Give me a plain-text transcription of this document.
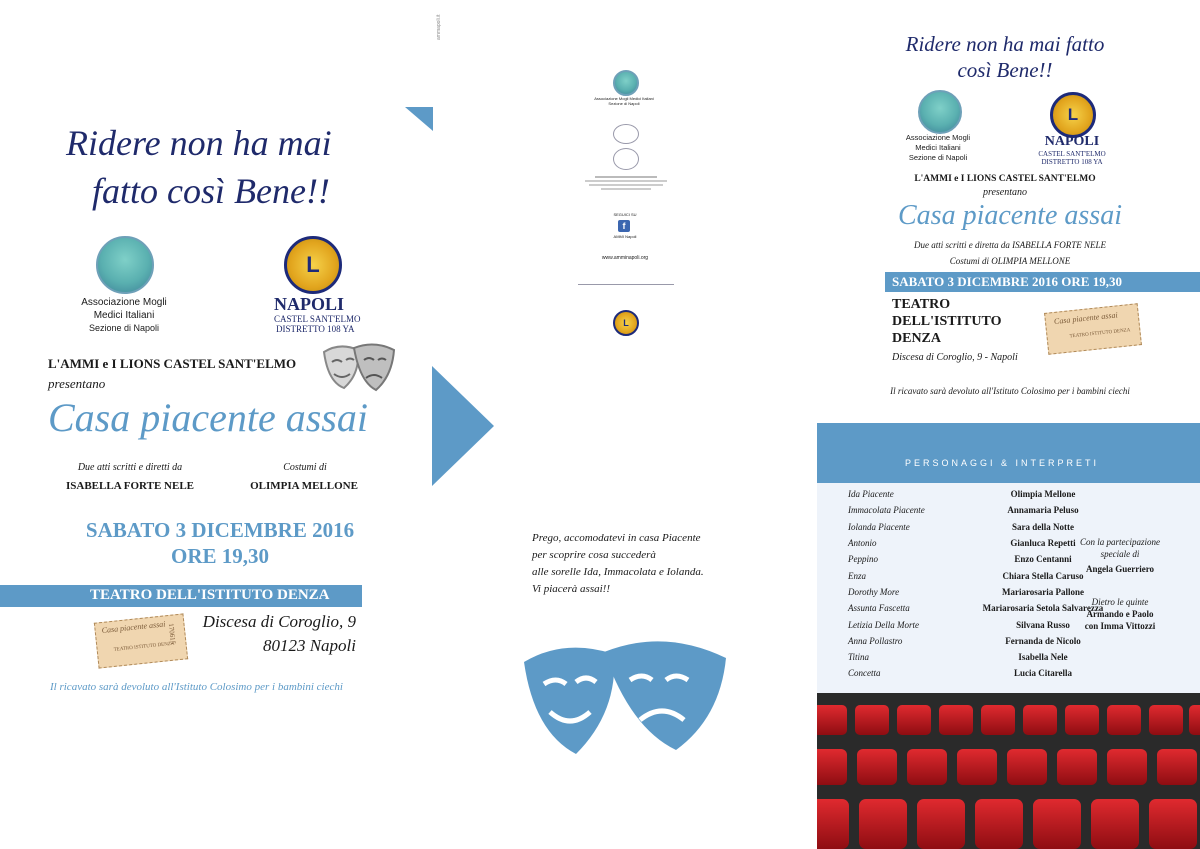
Ridere non ha mai
fatto così Bene!!
Associazione Mogli
Medici Italiani
Sezione di Napoli
L
NAPOLI
CASTEL SANT'ELMO
DISTRETTO 108 YA
L'AMMI e I LIONS CASTEL SANT'ELMO
presentano
Casa piacente assai
Due atti scritti e diretti da
ISABELLA FORTE NELE
Costumi di
OLIMPIA MELLONE
SABATO 3 DICEMBRE 2016
ORE 19,30
TEATRO DELL'ISTITUTO DENZA
Discesa di Coroglio, 9
80123 Napoli
Casa piacente assai
TEATRO ISTITUTO DENZA
170615
Il ricavato sarà devoluto all'Istituto Colosimo per i bambini ciechi
ammapoli.it
Associazione Mogli Medici Italiani
Sezione di Napoli
SEGUICI SU
f
AMMI Napoli
www.amminapoli.org
L
Prego, accomodatevi in casa Piacente
per scoprire cosa succederà
alle sorelle Ida, Immacolata e Iolanda.
Vi piacerà assai!!
Ridere non ha mai fatto
così Bene!!
Associazione Mogli
Medici Italiani
Sezione di Napoli
L
NAPOLI
CASTEL SANT'ELMO
DISTRETTO 108 YA
L'AMMI e I LIONS CASTEL SANT'ELMO
presentano
Casa piacente assai
Due atti scritti e diretta da ISABELLA FORTE NELE
Costumi di OLIMPIA MELLONE
SABATO 3 DICEMBRE 2016 ORE 19,30
TEATRO
DELL'ISTITUTO
DENZA
Discesa di Coroglio, 9 - Napoli
Casa piacente assai
TEATRO ISTITUTO DENZA
Il ricavato sarà devoluto all'Istituto Colosimo per i bambini ciechi
PERSONAGGI & INTERPRETI
Ida Piacente	Olimpia Mellone
Immacolata Piacente	Annamaria Peluso
Iolanda Piacente	Sara della Notte
Antonio	Gianluca Repetti
Peppino	Enzo Centanni
Enza	Chiara Stella Caruso
Dorothy More	Mariarosaria Pallone
Assunta Fascetta	Mariarosaria Setola Salvarezza
Letizia Della Morte	Silvana Russo
Anna Pollastro	Fernanda de Nicolo
Titina	Isabella Nele
Concetta	Lucia Citarella
Con la partecipazione
speciale di
Angela Guerriero
Dietro le quinte
Armando e Paolo
con Imma Vittozzi
